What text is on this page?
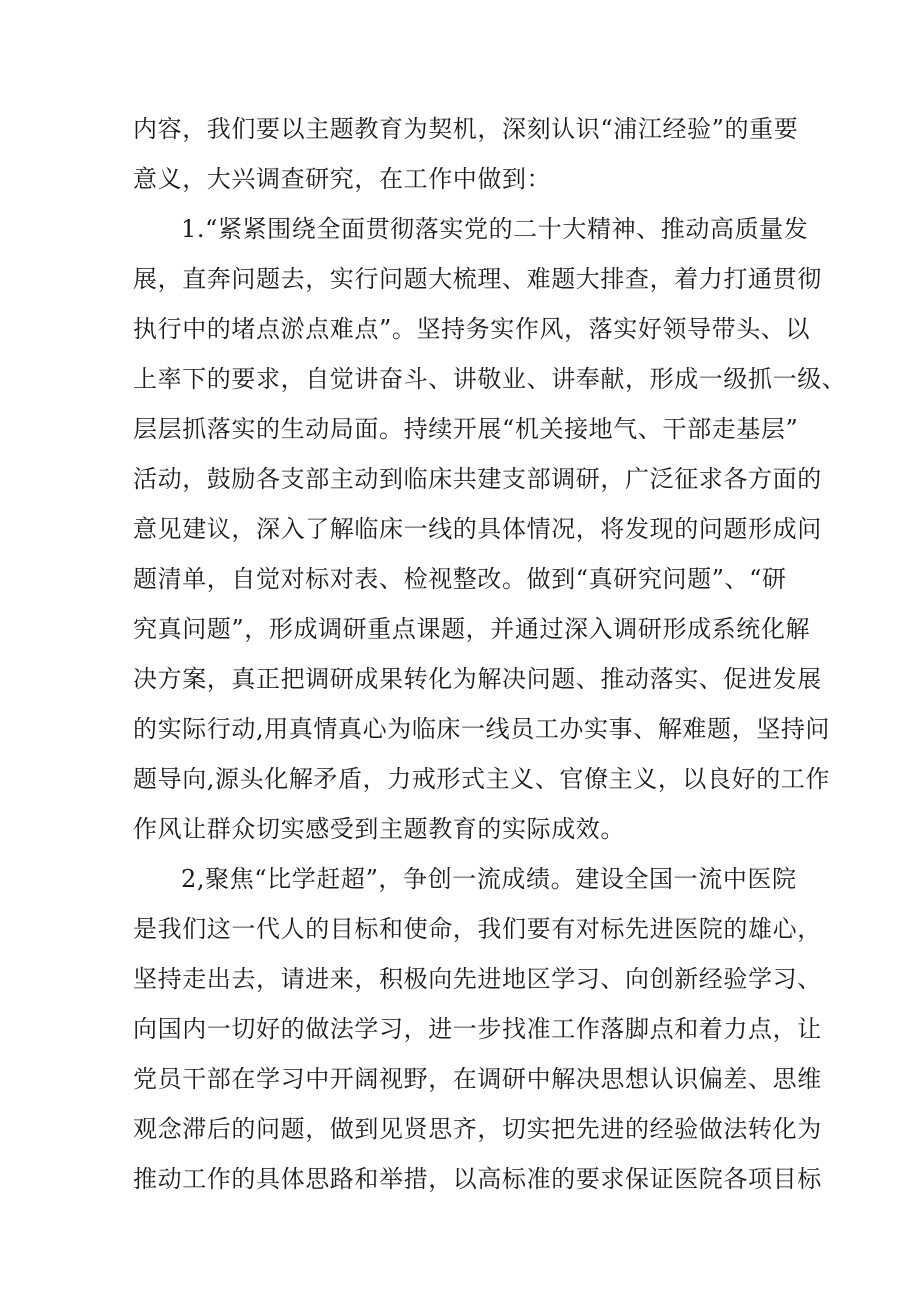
内容，我们要以主题教育为契机，深刻认识“浦江经验”的重要
意义，大兴调查研究，在工作中做到：
1.“紧紧围绕全面贯彻落实党的二十大精神、推动高质量发
展，直奔问题去，实行问题大梳理、难题大排查，着力打通贯彻
执行中的堵点淤点难点”。坚持务实作风，落实好领导带头、以
上率下的要求，自觉讲奋斗、讲敬业、讲奉献，形成一级抓一级、
层层抓落实的生动局面。持续开展“机关接地气、干部走基层”
活动，鼓励各支部主动到临床共建支部调研，广泛征求各方面的
意见建议，深入了解临床一线的具体情况，将发现的问题形成问
题清单，自觉对标对表、检视整改。做到“真研究问题”、“研
究真问题”，形成调研重点课题，并通过深入调研形成系统化解
决方案，真正把调研成果转化为解决问题、推动落实、促进发展
的实际行动,用真情真心为临床一线员工办实事、解难题，坚持问
题导向,源头化解矛盾，力戒形式主义、官僚主义，以良好的工作
作风让群众切实感受到主题教育的实际成效。
2,聚焦“比学赶超”，争创一流成绩。建设全国一流中医院
是我们这一代人的目标和使命，我们要有对标先进医院的雄心，
坚持走出去，请进来，积极向先进地区学习、向创新经验学习、
向国内一切好的做法学习，进一步找准工作落脚点和着力点，让
党员干部在学习中开阔视野，在调研中解决思想认识偏差、思维
观念滞后的问题，做到见贤思齐，切实把先进的经验做法转化为
推动工作的具体思路和举措，以高标准的要求保证医院各项目标
